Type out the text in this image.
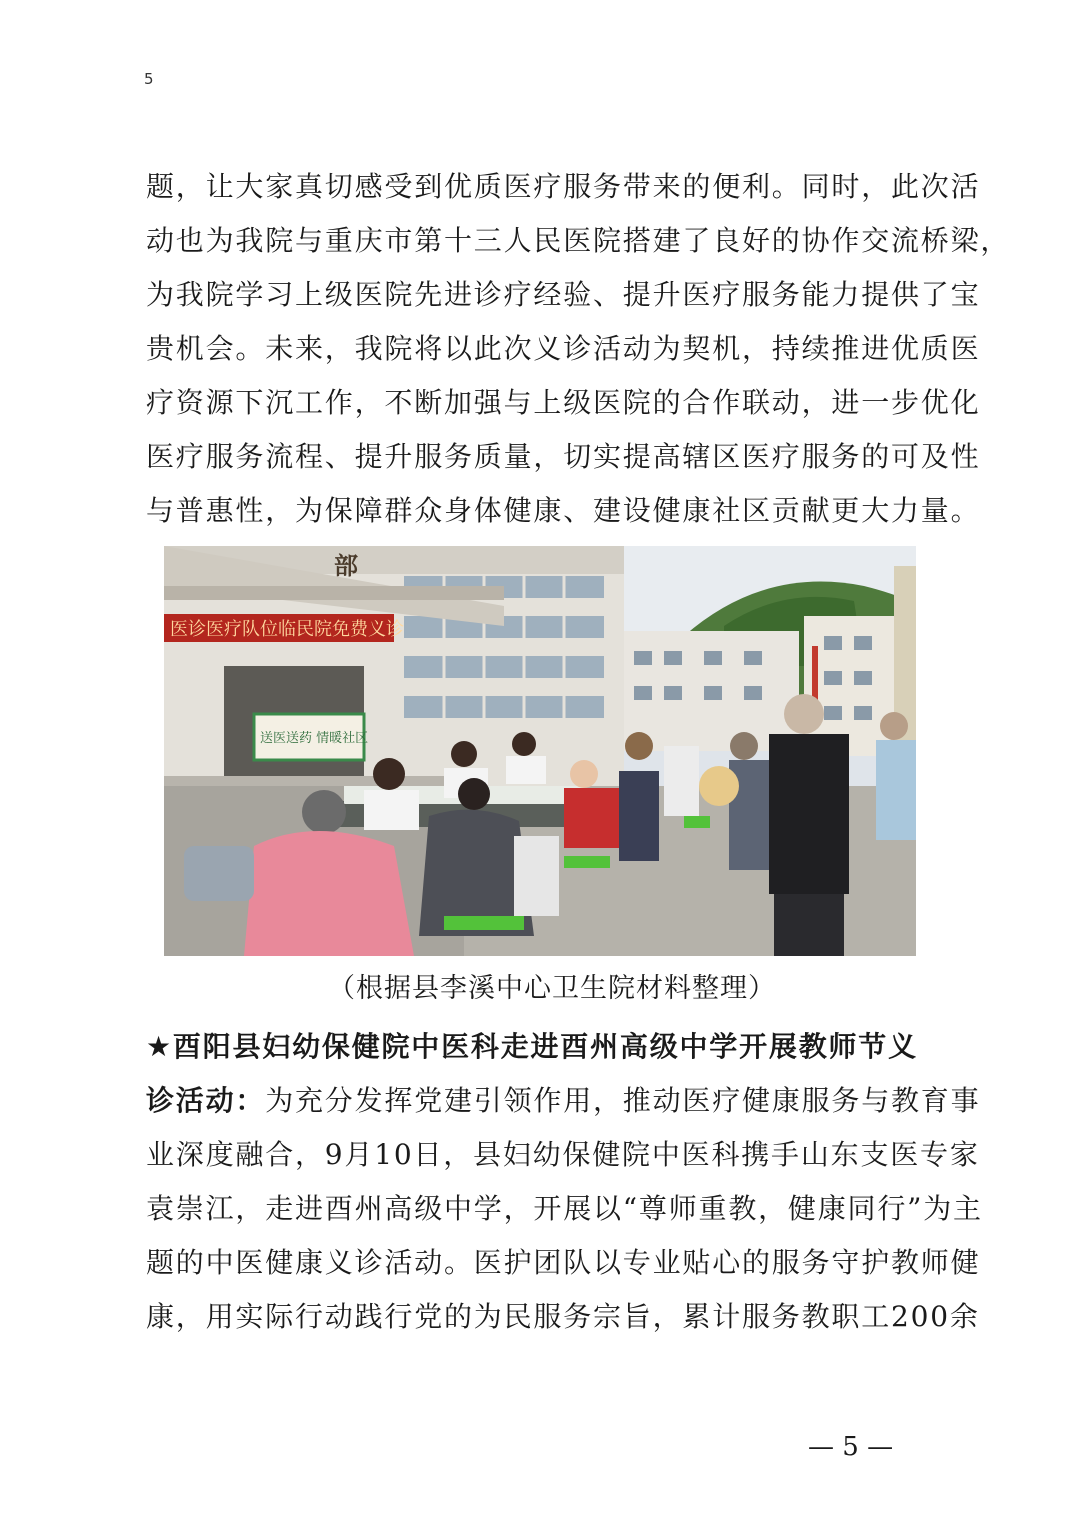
5
题，让大家真切感受到优质医疗服务带来的便利。同时，此次活
动也为我院与重庆市第十三人民医院搭建了良好的协作交流桥梁，
为我院学习上级医院先进诊疗经验、提升医疗服务能力提供了宝
贵机会。未来，我院将以此次义诊活动为契机，持续推进优质医
疗资源下沉工作，不断加强与上级医院的合作联动，进一步优化
医疗服务流程、提升服务质量，切实提高辖区医疗服务的可及性
与普惠性，为保障群众身体健康、建设健康社区贡献更大力量。
部
医诊医疗队位临民院免费义诊
送医送药 情暖社区
（根据县李溪中心卫生院材料整理）
★酉阳县妇幼保健院中医科走进酉州高级中学开展教师节义
诊活动：为充分发挥党建引领作用，推动医疗健康服务与教育事
业深度融合，9月10日，县妇幼保健院中医科携手山东支医专家
袁崇江，走进酉州高级中学，开展以“尊师重教，健康同行”为主
题的中医健康义诊活动。医护团队以专业贴心的服务守护教师健
康，用实际行动践行党的为民服务宗旨，累计服务教职工200余
— 5 —
